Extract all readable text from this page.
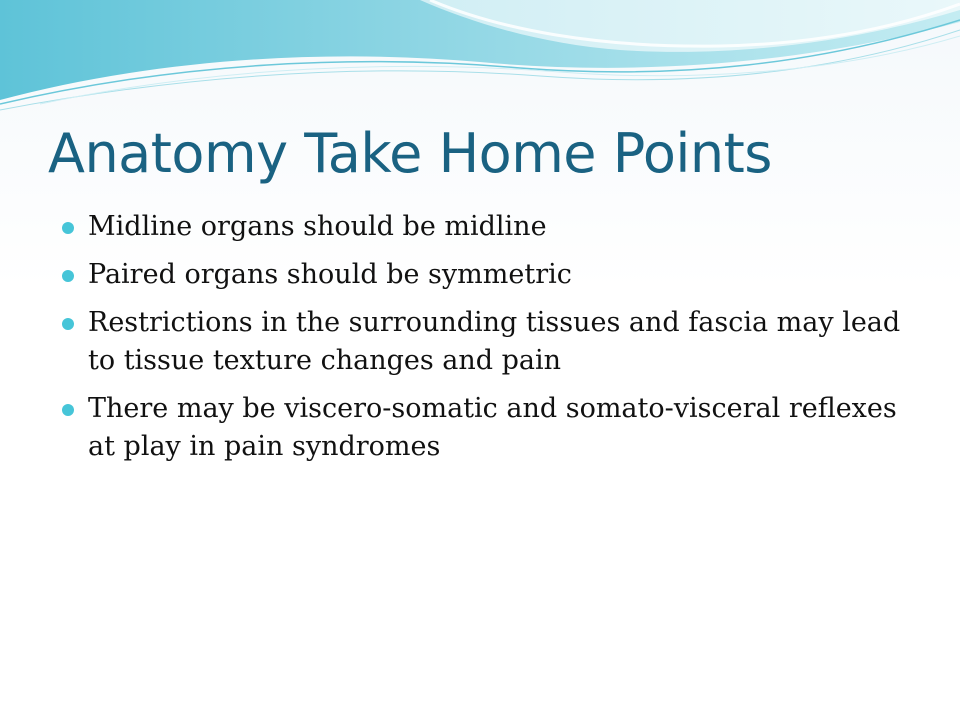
Anatomy Take Home Points
Midline organs should be midline
Paired organs should be symmetric
Restrictions in the surrounding tissues and fascia may lead to tissue texture changes and pain
There may be viscero-somatic and somato-visceral reflexes at play in pain syndromes
